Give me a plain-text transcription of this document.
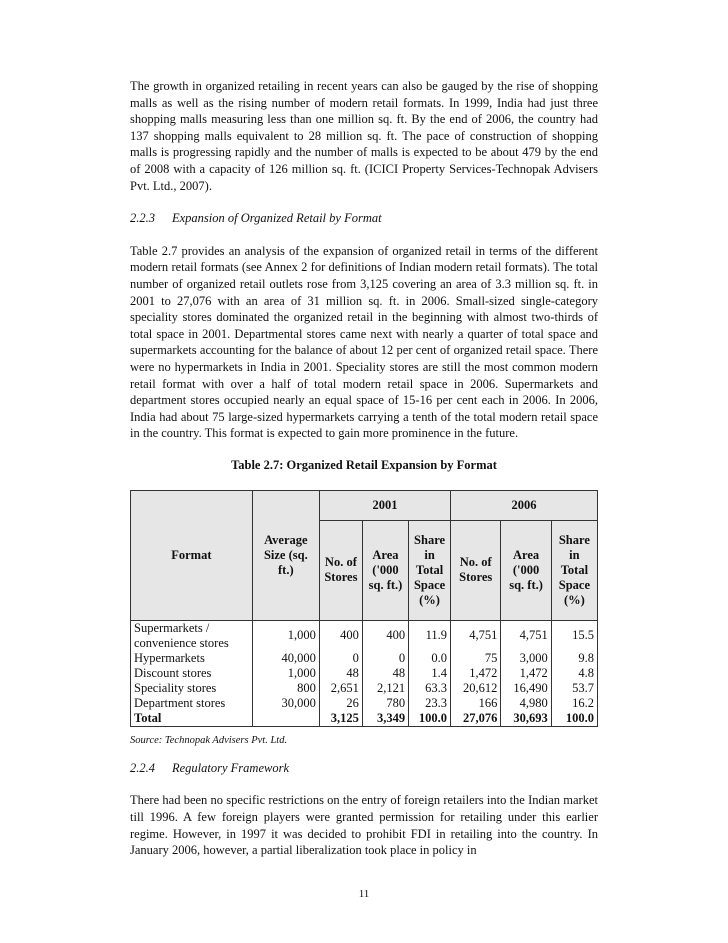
The growth in organized retailing in recent years can also be gauged by the rise of shopping malls as well as the rising number of modern retail formats. In 1999, India had just three shopping malls measuring less than one million sq. ft. By the end of 2006, the country had 137 shopping malls equivalent to 28 million sq. ft. The pace of construction of shopping malls is progressing rapidly and the number of malls is expected to be about 479 by the end of 2008 with a capacity of 126 million sq. ft. (ICICI Property Services-Technopak Advisers Pvt. Ltd., 2007).

2.2.3 Expansion of Organized Retail by Format

Table 2.7 provides an analysis of the expansion of organized retail in terms of the different modern retail formats (see Annex 2 for definitions of Indian modern retail formats). The total number of organized retail outlets rose from 3,125 covering an area of 3.3 million sq. ft. in 2001 to 27,076 with an area of 31 million sq. ft. in 2006. Small-sized single-category speciality stores dominated the organized retail in the beginning with almost two-thirds of total space in 2001. Departmental stores came next with nearly a quarter of total space and supermarkets accounting for the balance of about 12 per cent of organized retail space. There were no hypermarkets in India in 2001. Speciality stores are still the most common modern retail format with over a half of total modern retail space in 2006. Supermarkets and department stores occupied nearly an equal space of 15-16 per cent each in 2006. In 2006, India had about 75 large-sized hypermarkets carrying a tenth of the total modern retail space in the country. This format is expected to gain more prominence in the future.

Table 2.7: Organized Retail Expansion by Format

Format	Average Size (sq. ft.)	2001			2006		
		No. of Stores	Area ('000 sq. ft.)	Share in Total Space (%)	No. of Stores	Area ('000 sq. ft.)	Share in Total Space (%)
Supermarkets / convenience stores	1,000	400	400	11.9	4,751	4,751	15.5
Hypermarkets	40,000	0	0	0.0	75	3,000	9.8
Discount stores	1,000	48	48	1.4	1,472	1,472	4.8
Speciality stores	800	2,651	2,121	63.3	20,612	16,490	53.7
Department stores	30,000	26	780	23.3	166	4,980	16.2
Total		3,125	3,349	100.0	27,076	30,693	100.0

Source: Technopak Advisers Pvt. Ltd.

2.2.4 Regulatory Framework

There had been no specific restrictions on the entry of foreign retailers into the Indian market till 1996. A few foreign players were granted permission for retailing under this earlier regime. However, in 1997 it was decided to prohibit FDI in retailing into the country. In January 2006, however, a partial liberalization took place in policy in

11
